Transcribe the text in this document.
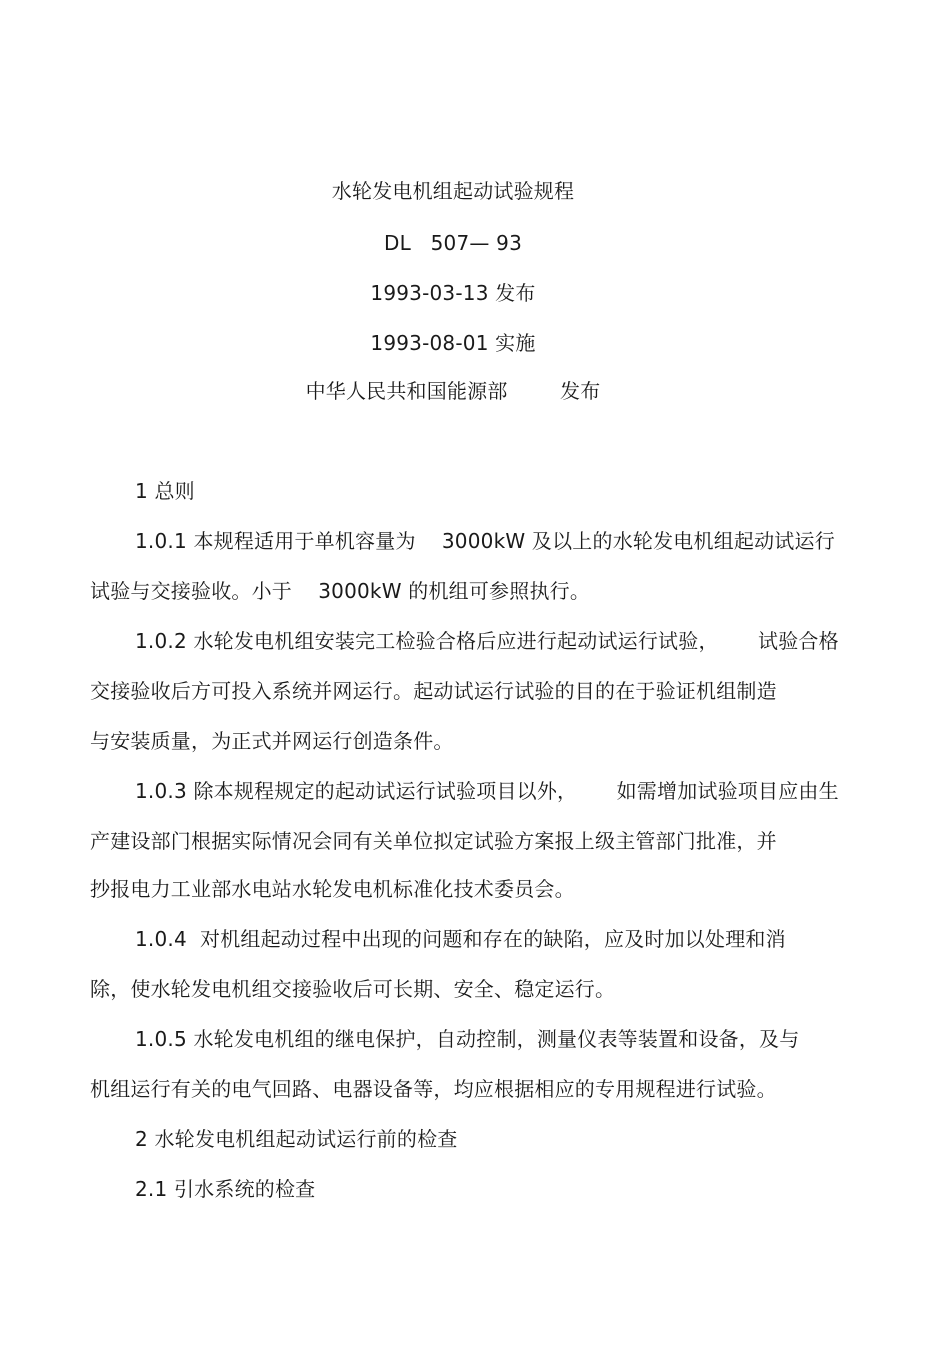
水轮发电机组起动试验规程
DL   507— 93
1993-03-13 发布
1993-08-01 实施
中华人民共和国能源部        发布
1 总则
1.0.1 本规程适用于单机容量为    3000kW 及以上的水轮发电机组起动试运行
试验与交接验收。小于    3000kW 的机组可参照执行。
1.0.2 水轮发电机组安装完工检验合格后应进行起动试运行试验，      试验合格
交接验收后方可投入系统并网运行。起动试运行试验的目的在于验证机组制造
与安装质量，为正式并网运行创造条件。
1.0.3 除本规程规定的起动试运行试验项目以外，      如需增加试验项目应由生
产建设部门根据实际情况会同有关单位拟定试验方案报上级主管部门批准，并
抄报电力工业部水电站水轮发电机标准化技术委员会。
1.0.4  对机组起动过程中出现的问题和存在的缺陷，应及时加以处理和消
除，使水轮发电机组交接验收后可长期、安全、稳定运行。
1.0.5 水轮发电机组的继电保护，自动控制，测量仪表等装置和设备，及与
机组运行有关的电气回路、电器设备等，均应根据相应的专用规程进行试验。
2 水轮发电机组起动试运行前的检查
2.1 引水系统的检查
